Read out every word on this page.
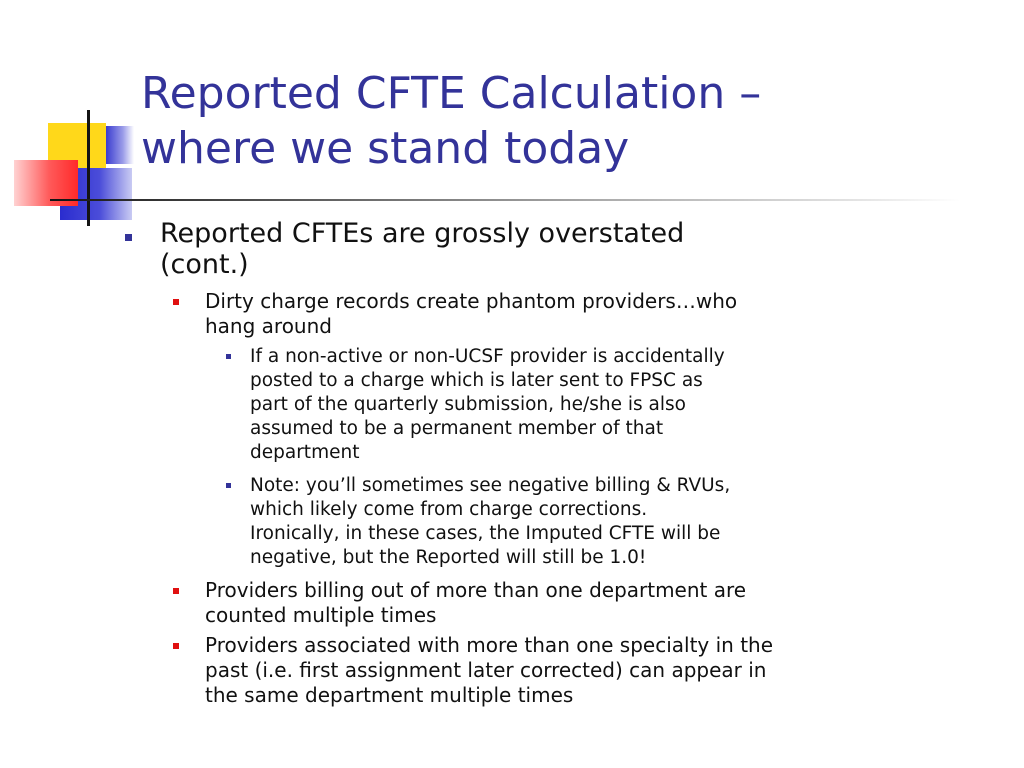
Reported CFTE Calculation –
where we stand today
Reported CFTEs are grossly overstated
(cont.)
Dirty charge records create phantom providers…who
hang around
If a non-active or non-UCSF provider is accidentally
posted to a charge which is later sent to FPSC as
part of the quarterly submission, he/she is also
assumed to be a permanent member of that
department
Note: you’ll sometimes see negative billing & RVUs,
which likely come from charge corrections.
Ironically, in these cases, the Imputed CFTE will be
negative, but the Reported will still be 1.0!
Providers billing out of more than one department are
counted multiple times
Providers associated with more than one specialty in the
past (i.e. first assignment later corrected) can appear in
the same department multiple times
